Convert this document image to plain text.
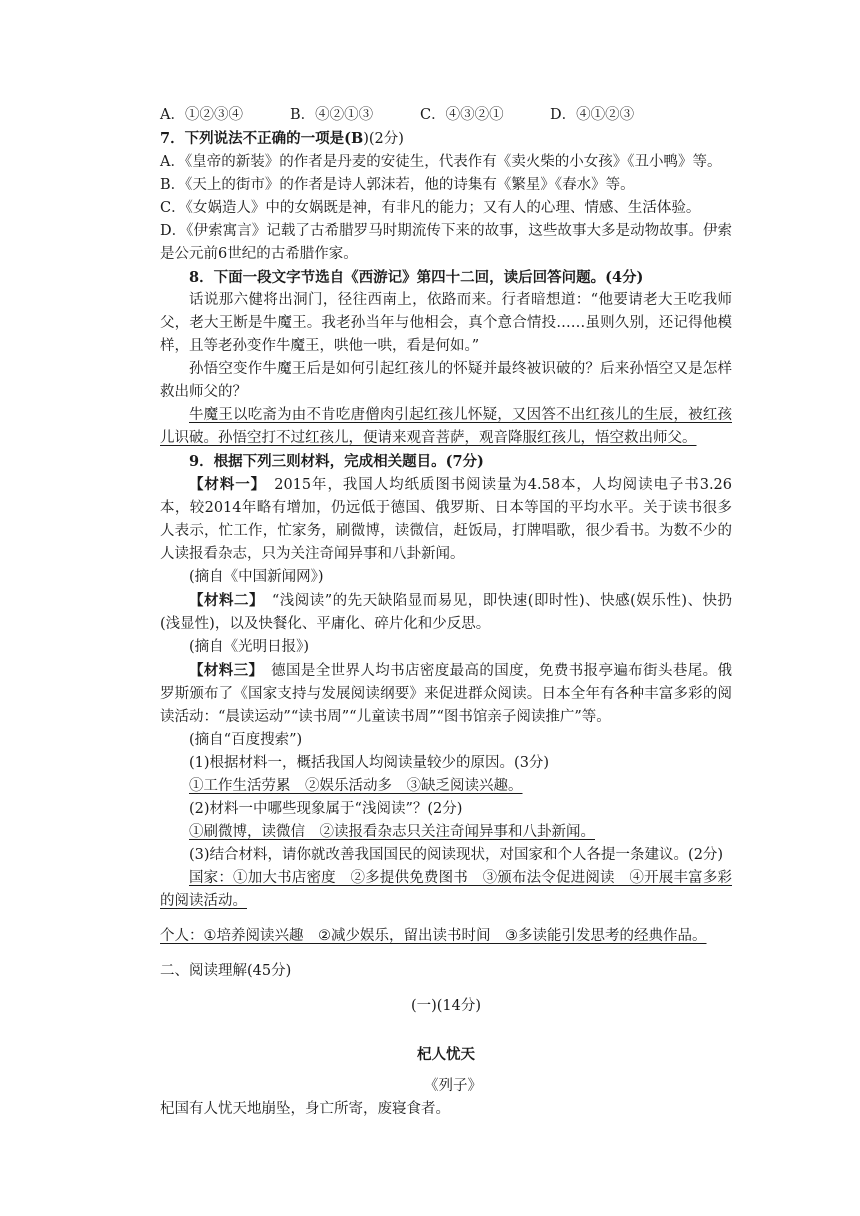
A．①②③④	B．④②①③	C．④③②①	D．④①②③
7．下列说法不正确的一项是(B)(2分)
A．《皇帝的新装》的作者是丹麦的安徒生，代表作有《卖火柴的小女孩》《丑小鸭》等。
B．《天上的街市》的作者是诗人郭沫若，他的诗集有《繁星》《春水》等。
C．《女娲造人》中的女娲既是神，有非凡的能力；又有人的心理、情感、生活体验。
D．《伊索寓言》记载了古希腊罗马时期流传下来的故事，这些故事大多是动物故事。伊索是公元前6世纪的古希腊作家。
8．下面一段文字节选自《西游记》第四十二回，读后回答问题。(4分)
话说那六健将出洞门，径往西南上，依路而来。行者暗想道：“他要请老大王吃我师父，老大王断是牛魔王。我老孙当年与他相会，真个意合情投……虽则久别，还记得他模样，且等老孙变作牛魔王，哄他一哄，看是何如。”
孙悟空变作牛魔王后是如何引起红孩儿的怀疑并最终被识破的？后来孙悟空又是怎样救出师父的？
牛魔王以吃斋为由不肯吃唐僧肉引起红孩儿怀疑，又因答不出红孩儿的生辰，被红孩儿识破。孙悟空打不过红孩儿，便请来观音菩萨，观音降服红孩儿，悟空救出师父。
9．根据下列三则材料，完成相关题目。(7分)
【材料一】　 2015年，我国人均纸质图书阅读量为4.58本，人均阅读电子书3.26本，较2014年略有增加，仍远低于德国、俄罗斯、日本等国的平均水平。关于读书很多人表示，忙工作，忙家务，刷微博，读微信，赶饭局，打牌唱歌，很少看书。为数不少的人读报看杂志，只为关注奇闻异事和八卦新闻。
(摘自《中国新闻网》)
【材料二】　 “浅阅读”的先天缺陷显而易见，即快速(即时性)、快感(娱乐性)、快扔(浅显性)，以及快餐化、平庸化、碎片化和少反思。
(摘自《光明日报》)
【材料三】　 德国是全世界人均书店密度最高的国度，免费书报亭遍布街头巷尾。俄罗斯颁布了《国家支持与发展阅读纲要》来促进群众阅读。日本全年有各种丰富多彩的阅读活动：“晨读运动”“读书周”“儿童读书周”“图书馆亲子阅读推广”等。
(摘自“百度搜索”)
(1)根据材料一，概括我国人均阅读量较少的原因。(3分)
①工作生活劳累　②娱乐活动多　③缺乏阅读兴趣。
(2)材料一中哪些现象属于“浅阅读”？(2分)
①刷微博，读微信　②读报看杂志只关注奇闻异事和八卦新闻。
(3)结合材料，请你就改善我国国民的阅读现状，对国家和个人各提一条建议。(2分)
国家：①加大书店密度　②多提供免费图书　③颁布法令促进阅读　④开展丰富多彩的阅读活动。
个人：①培养阅读兴趣　②减少娱乐，留出读书时间　③多读能引发思考的经典作品。
二、阅读理解(45分)
(一)(14分)
杞人忧天
《列子》
杞国有人忧天地崩坠，身亡所寄，废寝食者。
